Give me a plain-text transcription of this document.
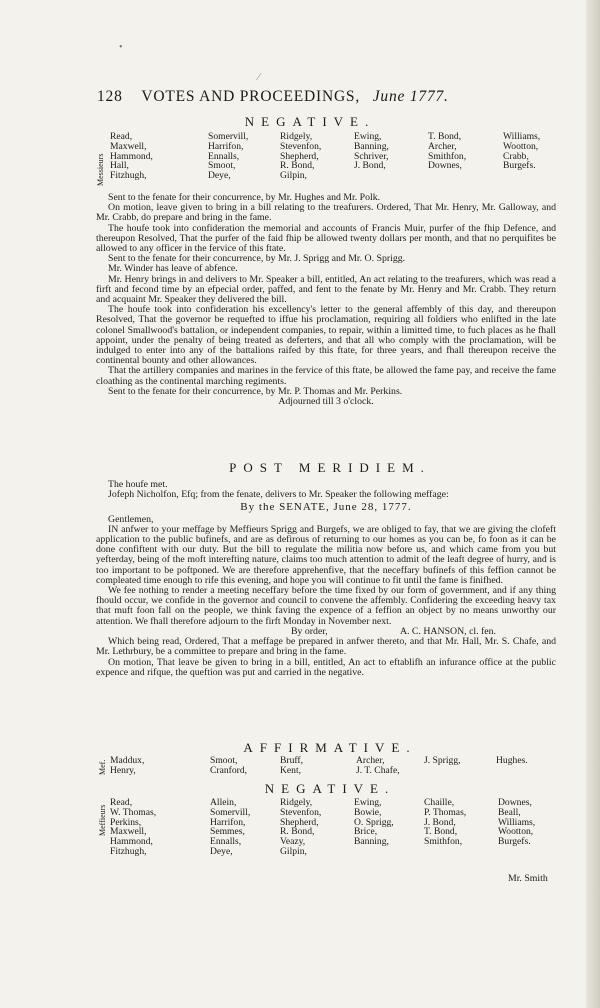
•
⁄
128 VOTES AND PROCEEDINGS, June 1777.
NEGATIVE.
Messieurs
Read,
Maxwell,
Hammond,
Hall,
Fitzhugh,
Somervill,
Harrifon,
Ennalls,
Smoot,
Deye,
Ridgely,
Stevenfon,
Shepherd,
R. Bond,
Gilpin,
Ewing,
Banning,
Schriver,
J. Bond,
T. Bond,
Archer,
Smithfon,
Downes,
Williams,
Wootton,
Crabb,
Burgefs.

Sent to the fenate for their concurrence, by Mr. Hughes and Mr. Polk.

On motion, leave given to bring in a bill relating to the treafurers. Ordered, That Mr. Henry, Mr. Galloway, and Mr. Crabb, do prepare and bring in the fame.

The houfe took into confideration the memorial and accounts of Francis Muir, purfer of the fhip Defence, and thereupon Resolved, That the purfer of the faid fhip be allowed twenty dollars per month, and that no perquifites be allowed to any officer in the fervice of this ftate.

Sent to the fenate for their concurrence, by Mr. J. Sprigg and Mr. O. Sprigg.

Mr. Winder has leave of abfence.

Mr. Henry brings in and delivers to Mr. Speaker a bill, entitled, An act relating to the treafurers, which was read a firft and fecond time by an efpecial order, paffed, and fent to the fenate by Mr. Henry and Mr. Crabb. They return and acquaint Mr. Speaker they delivered the bill.

The houfe took into confideration his excellency's letter to the general affembly of this day, and thereupon Resolved, That the governor be requefted to iffue his proclamation, requiring all foldiers who enlifted in the late colonel Smallwood's battalion, or independent companies, to repair, within a limitted time, to fuch places as he fhall appoint, under the penalty of being treated as deferters, and that all who comply with the proclamation, will be indulged to enter into any of the battalions raifed by this ftate, for three years, and fhall thereupon receive the continental bounty and other allowances.

That the artillery companies and marines in the fervice of this ftate, be allowed the fame pay, and receive the fame cloathing as the continental marching regiments.

Sent to the fenate for their concurrence, by Mr. P. Thomas and Mr. Perkins.

Adjourned till 3 o'clock.
POST MERIDIEM.

The houfe met.

Jofeph Nicholfon, Efq; from the fenate, delivers to Mr. Speaker the following meffage:

By the SENATE, June 28, 1777.

Gentlemen,

IN anfwer to your meffage by Meffieurs Sprigg and Burgefs, we are obliged to fay, that we are giving the clofeft application to the public bufinefs, and are as defirous of returning to our homes as you can be, fo foon as it can be done confiftent with our duty. But the bill to regulate the militia now before us, and which came from you but yefterday, being of the moft interefting nature, claims too much attention to admit of the leaft degree of hurry, and is too important to be poftponed. We are therefore apprehenfive, that the neceffary bufinefs of this feffion cannot be compleated time enough to rife this evening, and hope you will continue to fit until the fame is finifhed.

We fee nothing to render a meeting neceffary before the time fixed by our form of government, and if any thing fhould occur, we confide in the governor and council to convene the affembly. Confidering the exceeding heavy tax that muft foon fall on the people, we think faving the expence of a feffion an object by no means unworthy our attention. We fhall therefore adjourn to the firft Monday in November next.

By order,	A. C. HANSON, cl. fen.

Which being read, Ordered, That a meffage be prepared in anfwer thereto, and that Mr. Hall, Mr. S. Chafe, and Mr. Lethrbury, be a committee to prepare and bring in the fame.

On motion, That leave be given to bring in a bill, entitled, An act to eftablifh an infurance office at the public expence and rifque, the queftion was put and carried in the negative.

AFFIRMATIVE.
Mef. Maddux,
Henry,
Smoot,
Cranford,
Bruff,
Kent,
Archer,
J. T. Chafe,
J. Sprigg,	Hughes.
NEGATIVE.
Meffieurs
Read,
W. Thomas,
Perkins,
Maxwell,
Hammond,
Fitzhugh,
Allein,
Somervill,
Harrifon,
Semmes,
Ennalls,
Deye,
Ridgely,
Stevenfon,
Shepherd,
R. Bond,
Veazy,
Gilpin,
Ewing,
Bowie,
O. Sprigg,
Brice,
Banning,
Chaille,
P. Thomas,
J. Bond,
T. Bond,
Smithfon,
Downes,
Beall,
Williams,
Wootton,
Burgefs.
Mr. Smith
